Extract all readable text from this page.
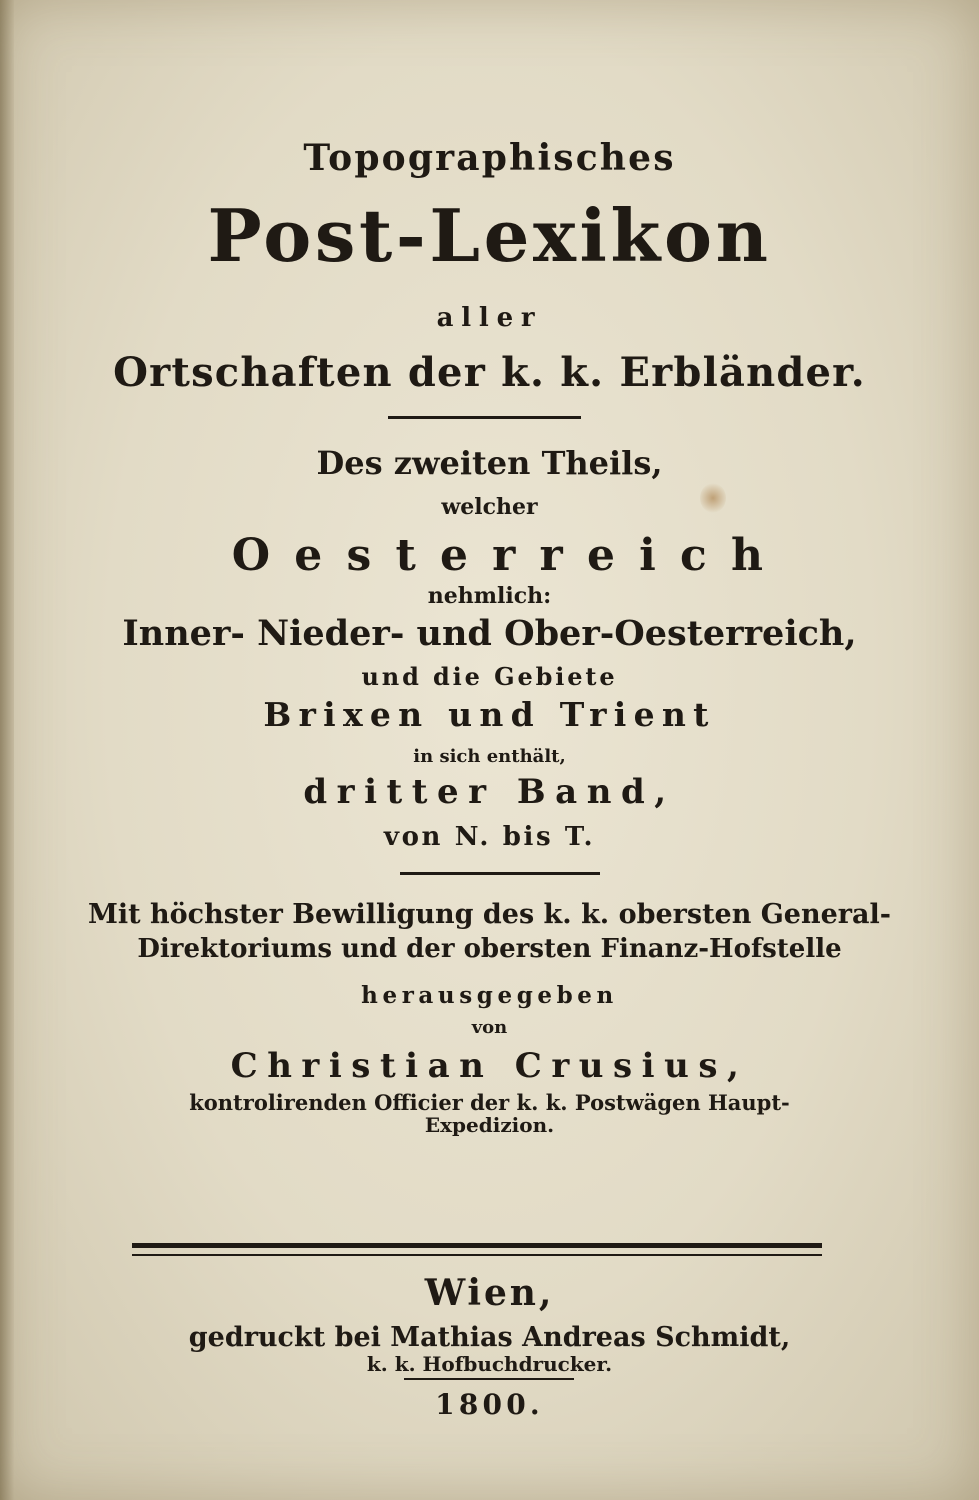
Topographisches

Post-Lexikon

aller

Ortschaften der k. k. Erbländer.

Des zweiten Theils,

welcher

Oesterreich

nehmlich:

Inner- Nieder- und Ober-Oesterreich,

und die Gebiete

Brixen und Trient

in sich enthält,

dritter Band,

von N. bis T.

Mit höchster Bewilligung des k. k. obersten General-

Direktoriums und der obersten Finanz-Hofstelle

herausgegeben

von

Christian Crusius,

kontrolirenden Officier der k. k. Postwägen Haupt-

Expedizion.

Wien,

gedruckt bei Mathias Andreas Schmidt,

k. k. Hofbuchdrucker.

1800.
